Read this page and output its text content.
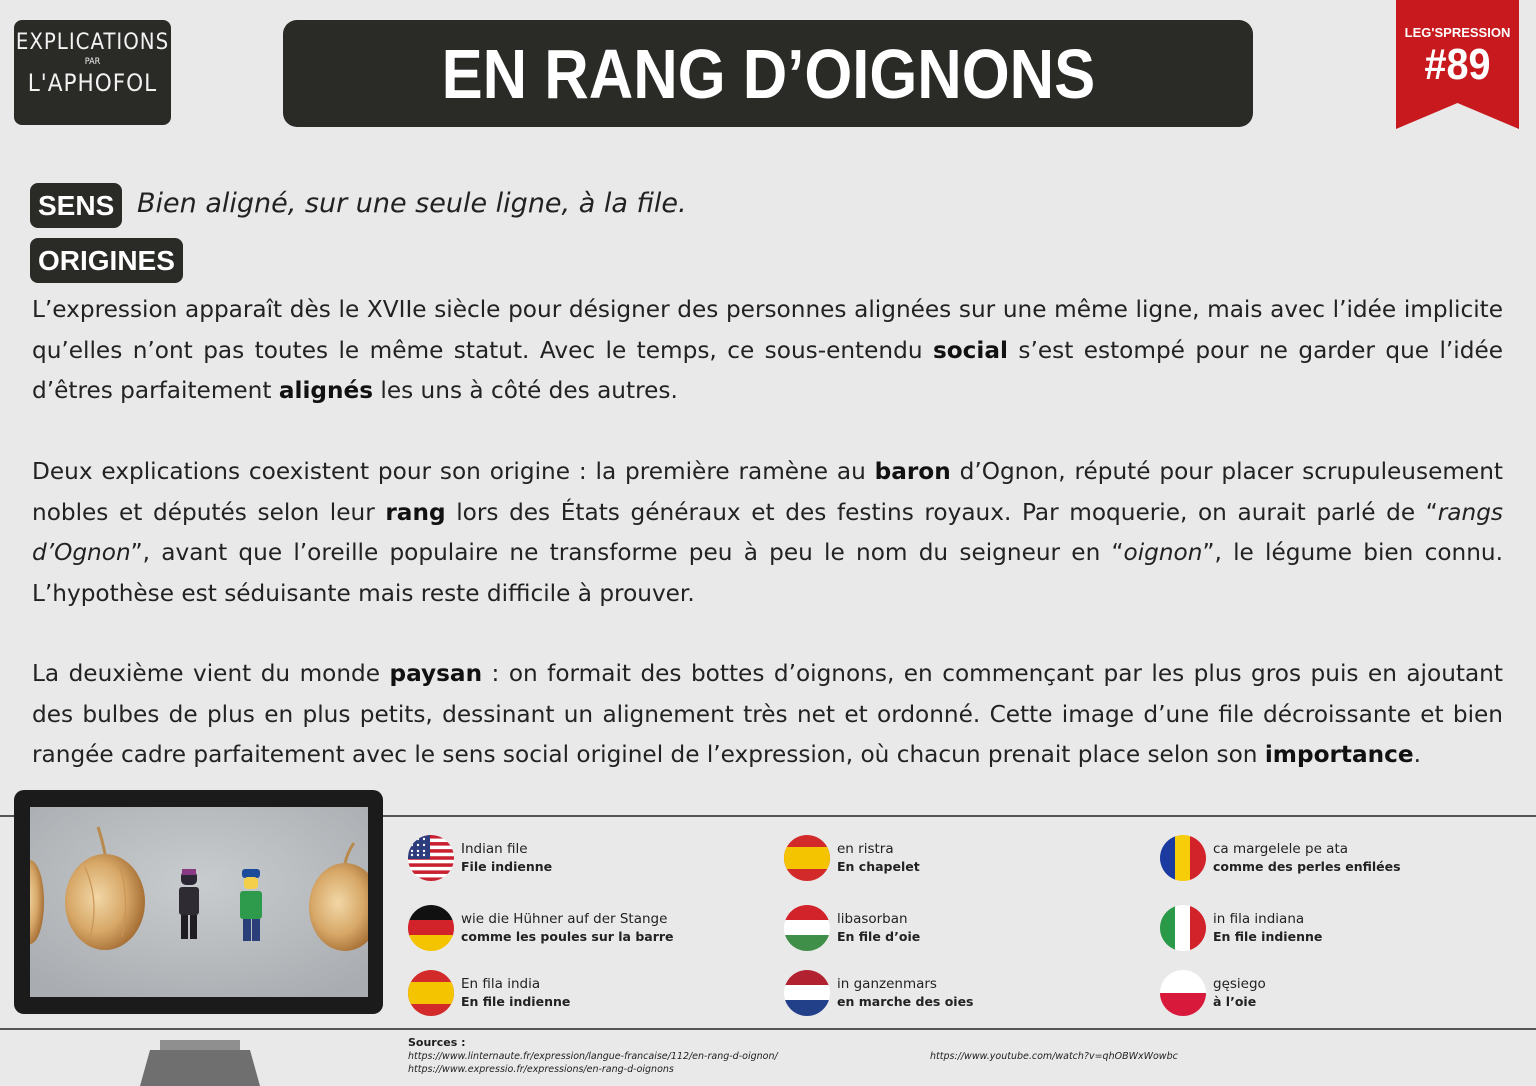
EXPLICATIONS
PAR
L'APHOFOL	EN RANG D’OIGNONS
LEG'SPRESSION
#89
SENS Bien aligné, sur une seule ligne, à la file.
ORIGINES
L’expression apparaît dès le XVIIe siècle pour désigner des personnes alignées sur une même ligne, mais avec l’idée implicite qu’elles n’ont pas toutes le même statut. Avec le temps, ce sous-entendu social s’est estompé pour ne garder que l’idée d’êtres parfaitement alignés les uns à côté des autres.
Deux explications coexistent pour son origine : la première ramène au baron d’Ognon, réputé pour placer scrupuleusement nobles et députés selon leur rang lors des États généraux et des festins royaux. Par moquerie, on aurait parlé de “rangs d’Ognon”, avant que l’oreille populaire ne transforme peu à peu le nom du seigneur en “oignon”, le légume bien connu. L’hypothèse est séduisante mais reste difficile à prouver.
La deuxième vient du monde paysan : on formait des bottes d’oignons, en commençant par les plus gros puis en ajoutant des bulbes de plus en plus petits, dessinant un alignement très net et ordonné. Cette image d’une file décroissante et bien rangée cadre parfaitement avec le sens social originel de l’expression, où chacun prenait place selon son importance.
Indian file
File indienne
en ristra
En chapelet
ca margelele pe ata
comme des perles enfilées
wie die Hühner auf der Stange
comme les poules sur la barre
libasorban
En file d’oie
in fila indiana
En file indienne
En fila india
En file indienne
in ganzenmars
en marche des oies
gęsiego
à l’oie
Sources :
https://www.linternaute.fr/expression/langue-francaise/112/en-rang-d-oignon/
https://www.expressio.fr/expressions/en-rang-d-oignons
https://www.youtube.com/watch?v=qhOBWxWowbc
